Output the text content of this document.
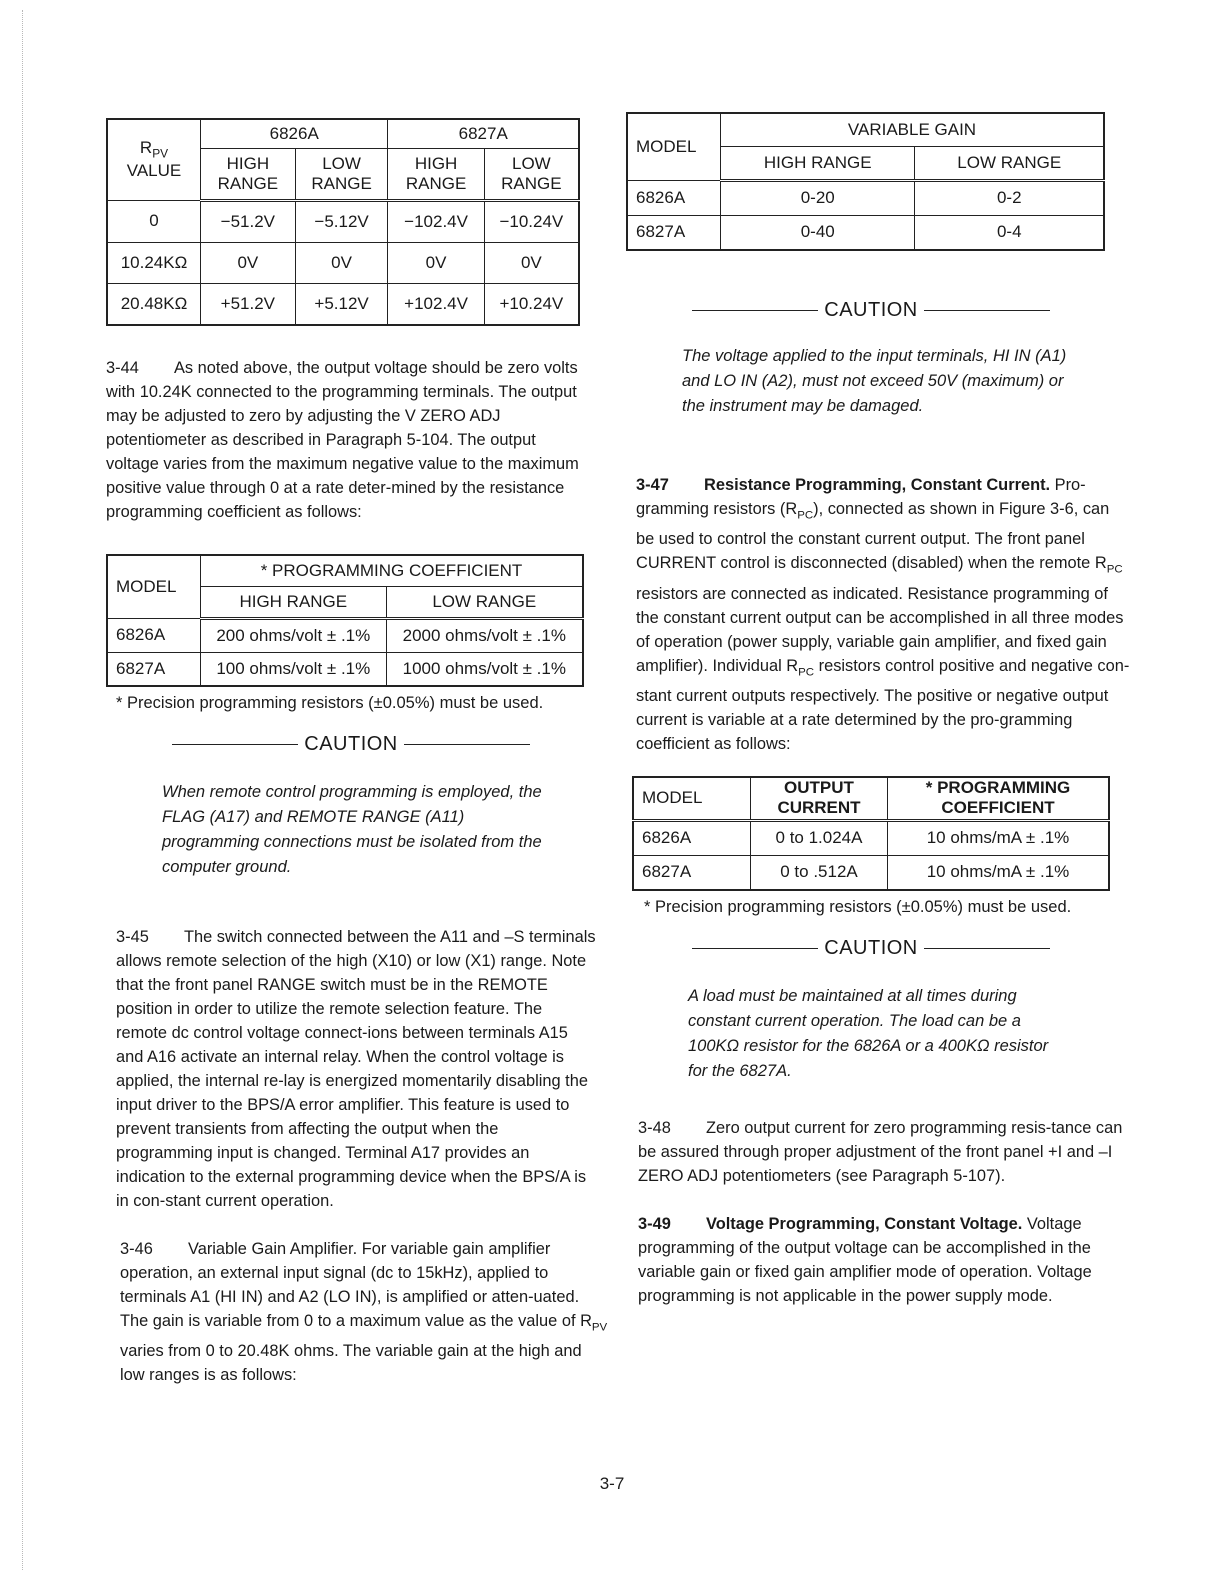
$R_{PV}$
VALUE	6826A		6827A	
	HIGH RANGE	LOW RANGE	HIGH RANGE	LOW RANGE
0	−51.2V	−5.12V	−102.4V	−10.24V
10.24KΩ	0V	0V	0V	0V
20.48KΩ	+51.2V	+5.12V	+102.4V	+10.24V

3-44 As noted above, the output voltage should be zero volts with 10.24K connected to the programming terminals. The output may be adjusted to zero by adjusting the V ZERO ADJ potentiometer as described in Paragraph 5-104. The output voltage varies from the maximum negative value to the maximum positive value through 0 at a rate deter-mined by the resistance programming coefficient as follows:

MODEL	* PROGRAMMING COEFFICIENT	
	HIGH RANGE	LOW RANGE
6826A	200 ohms/volt ± .1%	2000 ohms/volt ± .1%
6827A	100 ohms/volt ± .1%	1000 ohms/volt ± .1%

* Precision programming resistors (±0.05%) must be used.

CAUTION

When remote control programming is employed, the FLAG (A17) and REMOTE RANGE (A11) programming connections must be isolated from the computer ground.

3-45 The switch connected between the A11 and –S terminals allows remote selection of the high (X10) or low (X1) range. Note that the front panel RANGE switch must be in the REMOTE position in order to utilize the remote selection feature. The remote dc control voltage connect-ions between terminals A15 and A16 activate an internal relay. When the control voltage is applied, the internal re-lay is energized momentarily disabling the input driver to the BPS/A error amplifier. This feature is used to prevent transients from affecting the output when the programming input is changed. Terminal A17 provides an indication to the external programming device when the BPS/A is in con-stant current operation.

3-46 Variable Gain Amplifier. For variable gain amplifier operation, an external input signal (dc to 15kHz), applied to terminals A1 (HI IN) and A2 (LO IN), is amplified or atten-uated. The gain is variable from 0 to a maximum value as the value of $R_{PV}$ varies from 0 to 20.48K ohms. The variable gain at the high and low ranges is as follows:

MODEL	VARIABLE GAIN	
	HIGH RANGE	LOW RANGE
6826A	0-20	0-2
6827A	0-40	0-4
CAUTION

The voltage applied to the input terminals, HI IN (A1) and LO IN (A2), must not exceed 50V (maximum) or the instrument may be damaged.

3-47 Resistance Programming, Constant Current. Pro-gramming resistors $(R_{PC})$, connected as shown in Figure 3-6, can be used to control the constant current output. The front panel CURRENT control is disconnected (disabled) when the remote $R_{PC}$ resistors are connected as indicated. Resistance programming of the constant current output can be accomplished in all three modes of operation (power supply, variable gain amplifier, and fixed gain amplifier). Individual $R_{PC}$ resistors control positive and negative con-stant current outputs respectively. The positive or negative output current is variable at a rate determined by the pro-gramming coefficient as follows:

MODEL	OUTPUT CURRENT	* PROGRAMMING COEFFICIENT
6826A	0 to 1.024A	10 ohms/mA ± .1%
6827A	0 to .512A	10 ohms/mA ± .1%

* Precision programming resistors (±0.05%) must be used.

CAUTION

A load must be maintained at all times during constant current operation. The load can be a 100KΩ resistor for the 6826A or a 400KΩ resistor for the 6827A.

3-48 Zero output current for zero programming resis-tance can be assured through proper adjustment of the front panel +I and –I ZERO ADJ potentiometers (see Paragraph 5-107).

3-49 Voltage Programming, Constant Voltage. Voltage programming of the output voltage can be accomplished in the variable gain or fixed gain amplifier mode of operation. Voltage programming is not applicable in the power supply mode.

3-7
